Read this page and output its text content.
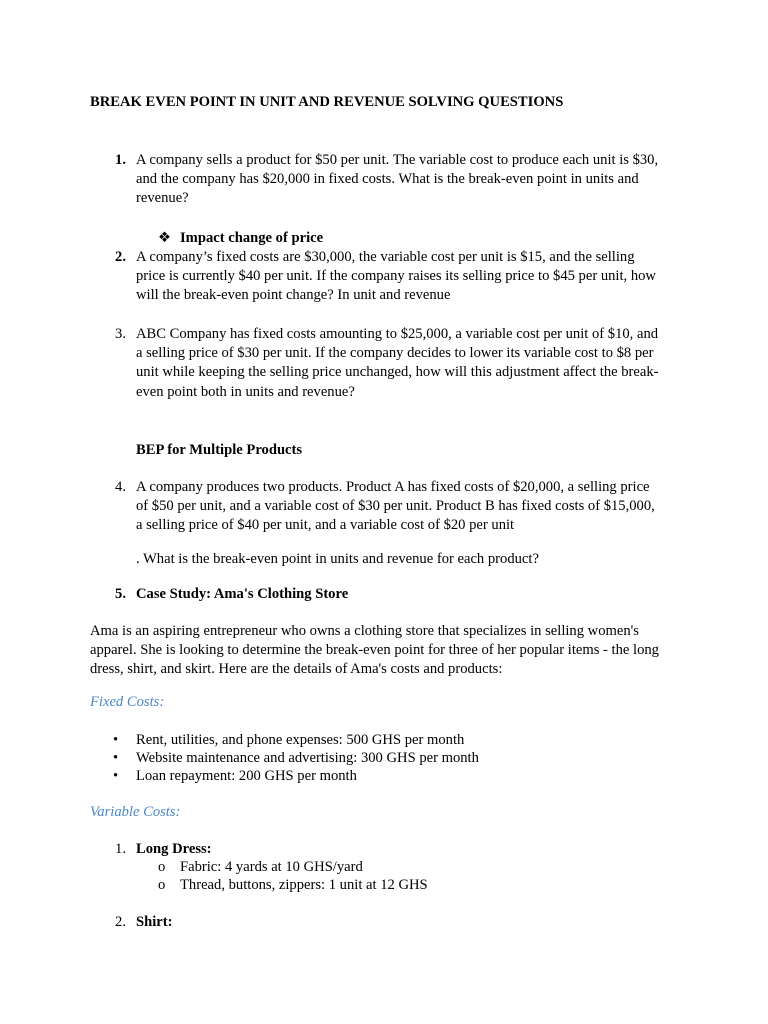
BREAK EVEN POINT IN UNIT AND REVENUE SOLVING QUESTIONS
1. A company sells a product for $50 per unit. The variable cost to produce each unit is $30,
and the company has $20,000 in fixed costs. What is the break-even point in units and
revenue?
❖ Impact change of price
2. A company’s fixed costs are $30,000, the variable cost per unit is $15, and the selling
price is currently $40 per unit. If the company raises its selling price to $45 per unit, how
will the break-even point change? In unit and revenue
3. ABC Company has fixed costs amounting to $25,000, a variable cost per unit of $10, and
a selling price of $30 per unit. If the company decides to lower its variable cost to $8 per
unit while keeping the selling price unchanged, how will this adjustment affect the break-
even point both in units and revenue?
BEP for Multiple Products
4. A company produces two products. Product A has fixed costs of $20,000, a selling price
of $50 per unit, and a variable cost of $30 per unit. Product B has fixed costs of $15,000,
a selling price of $40 per unit, and a variable cost of $20 per unit
. What is the break-even point in units and revenue for each product?
5. Case Study: Ama's Clothing Store
Ama is an aspiring entrepreneur who owns a clothing store that specializes in selling women's
apparel. She is looking to determine the break-even point for three of her popular items - the long
dress, shirt, and skirt. Here are the details of Ama's costs and products:
Fixed Costs:
• Rent, utilities, and phone expenses: 500 GHS per month
• Website maintenance and advertising: 300 GHS per month
• Loan repayment: 200 GHS per month
Variable Costs:
1. Long Dress:
o Fabric: 4 yards at 10 GHS/yard
o Thread, buttons, zippers: 1 unit at 12 GHS
2. Shirt:
